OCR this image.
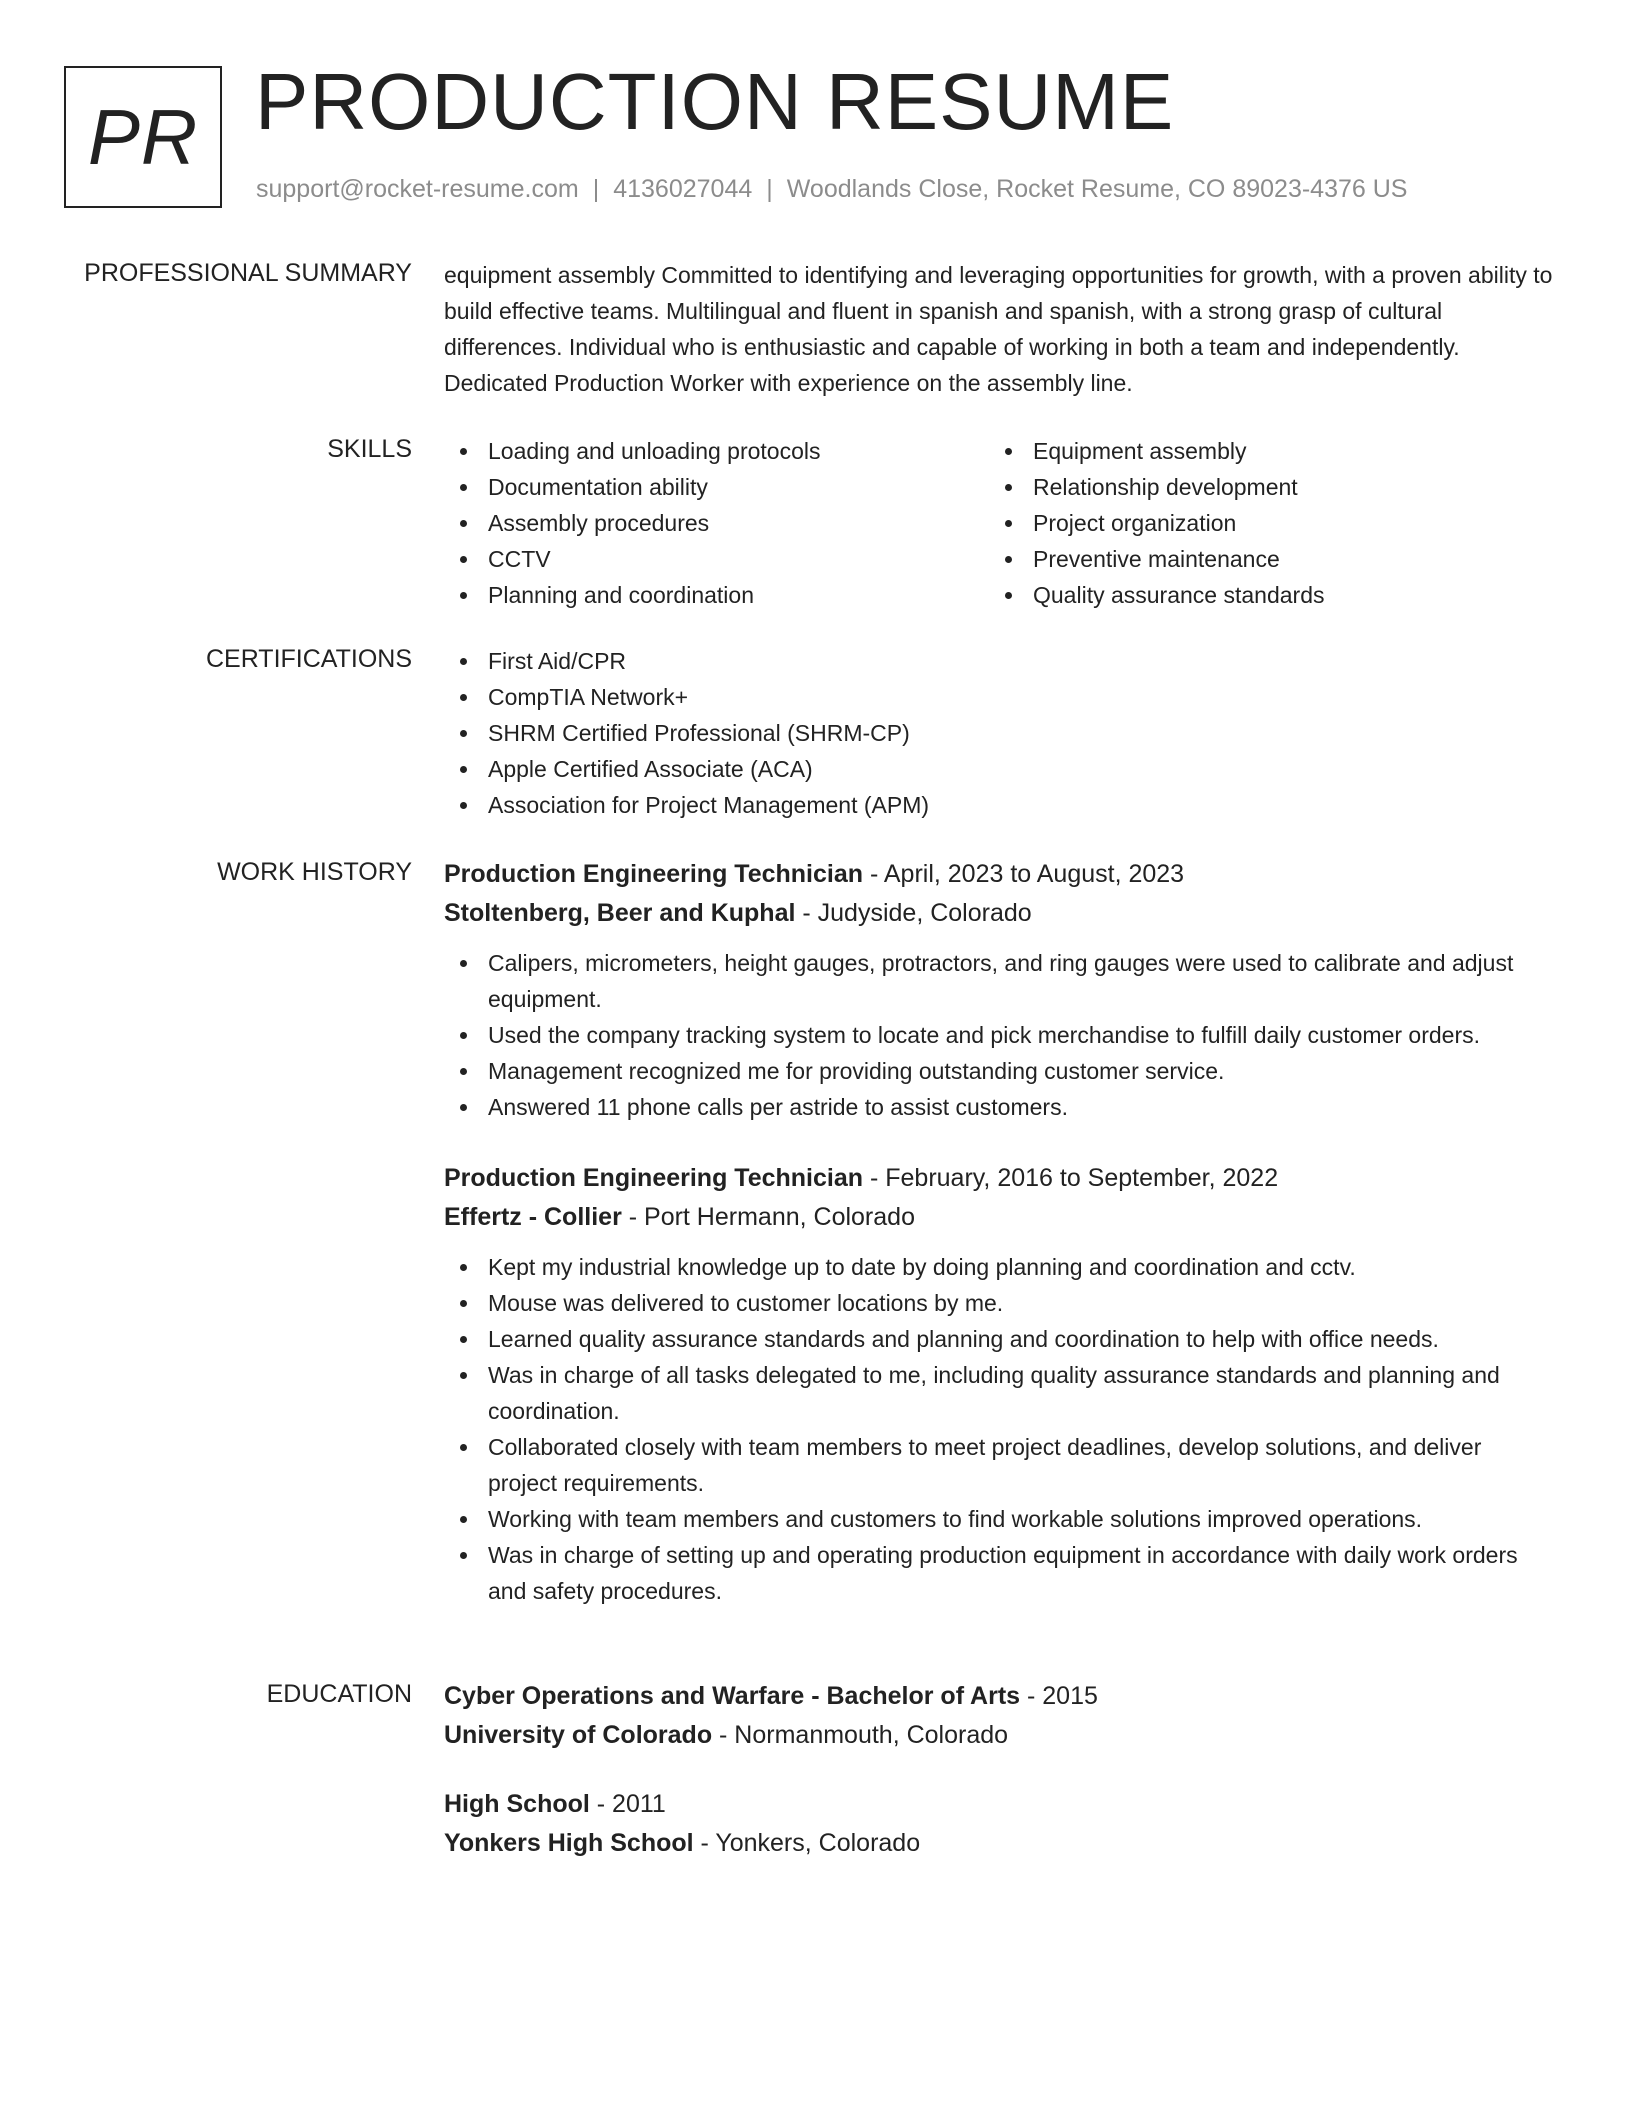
PR PRODUCTION RESUME
support@rocket-resume.com | 4136027044 | Woodlands Close, Rocket Resume, CO 89023-4376 US
PROFESSIONAL SUMMARY equipment assembly Committed to identifying and leveraging opportunities for growth, with a proven ability to build effective teams. Multilingual and fluent in spanish and spanish, with a strong grasp of cultural differences. Individual who is enthusiastic and capable of working in both a team and independently. Dedicated Production Worker with experience on the assembly line.
SKILLS	Loading and unloading protocols
Documentation ability
Assembly procedures
CCTV
Planning and coordination
Equipment assembly
Relationship development
Project organization
Preventive maintenance
Quality assurance standards
CERTIFICATIONS	First Aid/CPR
CompTIA Network+
SHRM Certified Professional (SHRM-CP)
Apple Certified Associate (ACA)
Association for Project Management (APM)
WORK HISTORY Production Engineering Technician - April, 2023 to August, 2023
Stoltenberg, Beer and Kuphal - Judyside, Colorado
Calipers, micrometers, height gauges, protractors, and ring gauges were used to calibrate and adjust equipment.
Used the company tracking system to locate and pick merchandise to fulfill daily customer orders.
Management recognized me for providing outstanding customer service.
Answered 11 phone calls per astride to assist customers.
Production Engineering Technician - February, 2016 to September, 2022
Effertz - Collier - Port Hermann, Colorado
Kept my industrial knowledge up to date by doing planning and coordination and cctv.
Mouse was delivered to customer locations by me.
Learned quality assurance standards and planning and coordination to help with office needs.
Was in charge of all tasks delegated to me, including quality assurance standards and planning and coordination.
Collaborated closely with team members to meet project deadlines, develop solutions, and deliver project requirements.
Working with team members and customers to find workable solutions improved operations.
Was in charge of setting up and operating production equipment in accordance with daily work orders and safety procedures.
EDUCATION Cyber Operations and Warfare - Bachelor of Arts - 2015
University of Colorado - Normanmouth, Colorado
High School - 2011
Yonkers High School - Yonkers, Colorado
